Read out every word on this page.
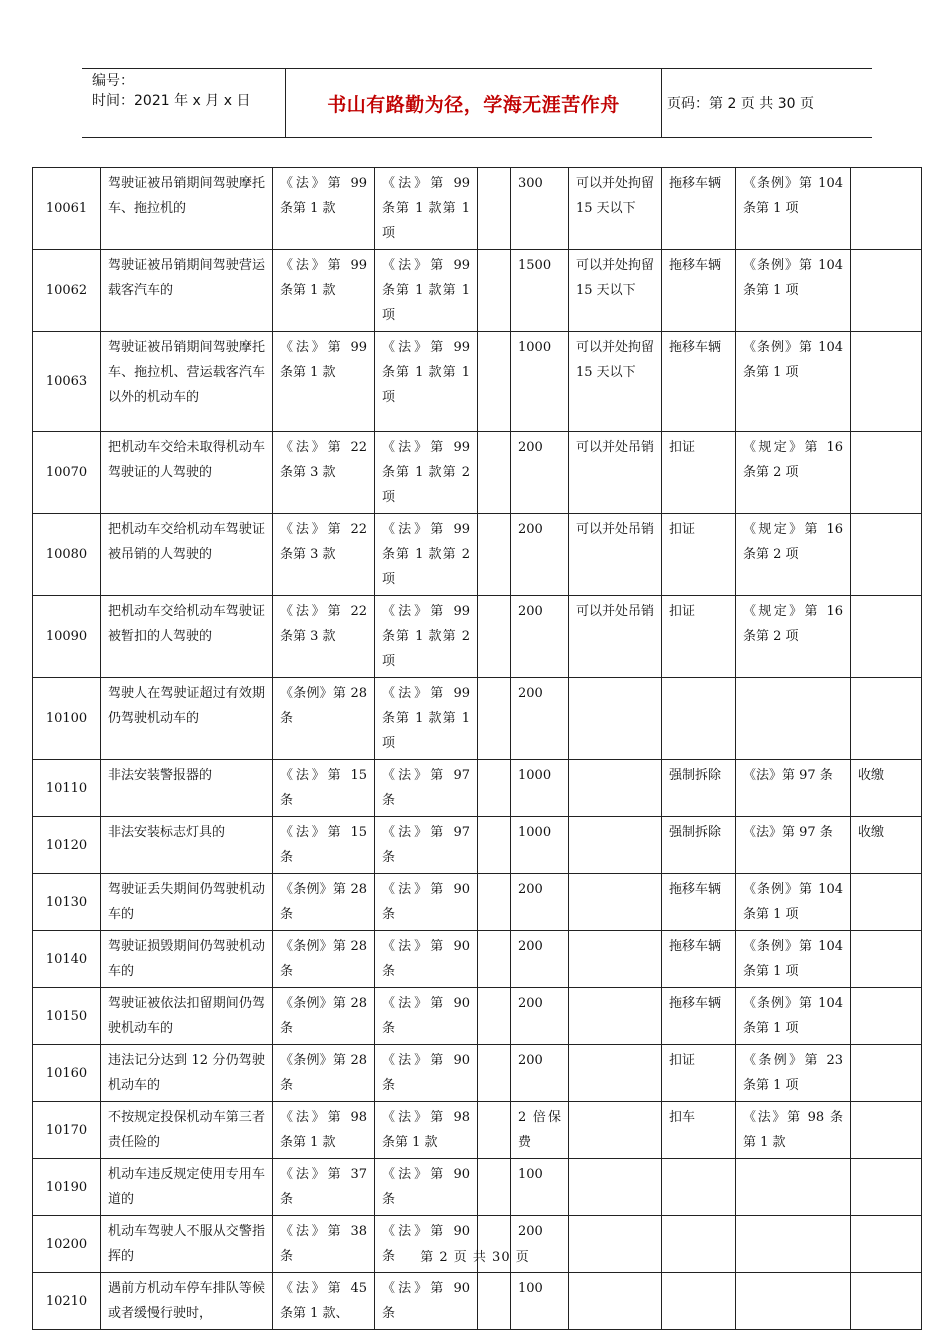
编号：
时间：2021 年 x 月 x 日	书山有路勤为径，学海无涯苦作舟	页码：第 2 页 共 30 页
10061	驾驶证被吊销期间驾驶摩托车、拖拉机的	《法》第 99 条第 1 款	《法》第 99 条第 1 款第 1 项		300	可以并处拘留 15 天以下	拖移车辆	《条例》第 104 条第 1 项	
10062	驾驶证被吊销期间驾驶营运载客汽车的	《法》第 99 条第 1 款	《法》第 99 条第 1 款第 1 项		1500	可以并处拘留 15 天以下	拖移车辆	《条例》第 104 条第 1 项	
10063	驾驶证被吊销期间驾驶摩托车、拖拉机、营运载客汽车以外的机动车的	《法》第 99 条第 1 款	《法》第 99 条第 1 款第 1 项		1000	可以并处拘留 15 天以下	拖移车辆	《条例》第 104 条第 1 项	
10070	把机动车交给未取得机动车驾驶证的人驾驶的	《法》第 22 条第 3 款	《法》第 99 条第 1 款第 2 项		200	可以并处吊销	扣证	《规定》第 16 条第 2 项	
10080	把机动车交给机动车驾驶证被吊销的人驾驶的	《法》第 22 条第 3 款	《法》第 99 条第 1 款第 2 项		200	可以并处吊销	扣证	《规定》第 16 条第 2 项	
10090	把机动车交给机动车驾驶证被暂扣的人驾驶的	《法》第 22 条第 3 款	《法》第 99 条第 1 款第 2 项		200	可以并处吊销	扣证	《规定》第 16 条第 2 项	
10100	驾驶人在驾驶证超过有效期仍驾驶机动车的	《条例》第 28 条	《法》第 99 条第 1 款第 1 项		200				
10110	非法安装警报器的	《法》第 15 条	《法》第 97 条		1000		强制拆除	《法》第 97 条	收缴
10120	非法安装标志灯具的	《法》第 15 条	《法》第 97 条		1000		强制拆除	《法》第 97 条	收缴
10130	驾驶证丢失期间仍驾驶机动车的	《条例》第 28 条	《法》第 90 条		200		拖移车辆	《条例》第 104 条第 1 项	
10140	驾驶证损毁期间仍驾驶机动车的	《条例》第 28 条	《法》第 90 条		200		拖移车辆	《条例》第 104 条第 1 项	
10150	驾驶证被依法扣留期间仍驾驶机动车的	《条例》第 28 条	《法》第 90 条		200		拖移车辆	《条例》第 104 条第 1 项	
10160	违法记分达到 12 分仍驾驶机动车的	《条例》第 28 条	《法》第 90 条		200		扣证	《条例》第 23 条第 1 项	
10170	不按规定投保机动车第三者责任险的	《法》第 98 条第 1 款	《法》第 98 条第 1 款		2 倍保费		扣车	《法》第 98 条第 1 款	
10190	机动车违反规定使用专用车道的	《法》第 37 条	《法》第 90 条		100				
10200	机动车驾驶人不服从交警指挥的	《法》第 38 条	《法》第 90 条		200				
10210	遇前方机动车停车排队等候或者缓慢行驶时，	《法》第 45 条第 1 款、	《法》第 90 条		100				
第 2 页 共 30 页
